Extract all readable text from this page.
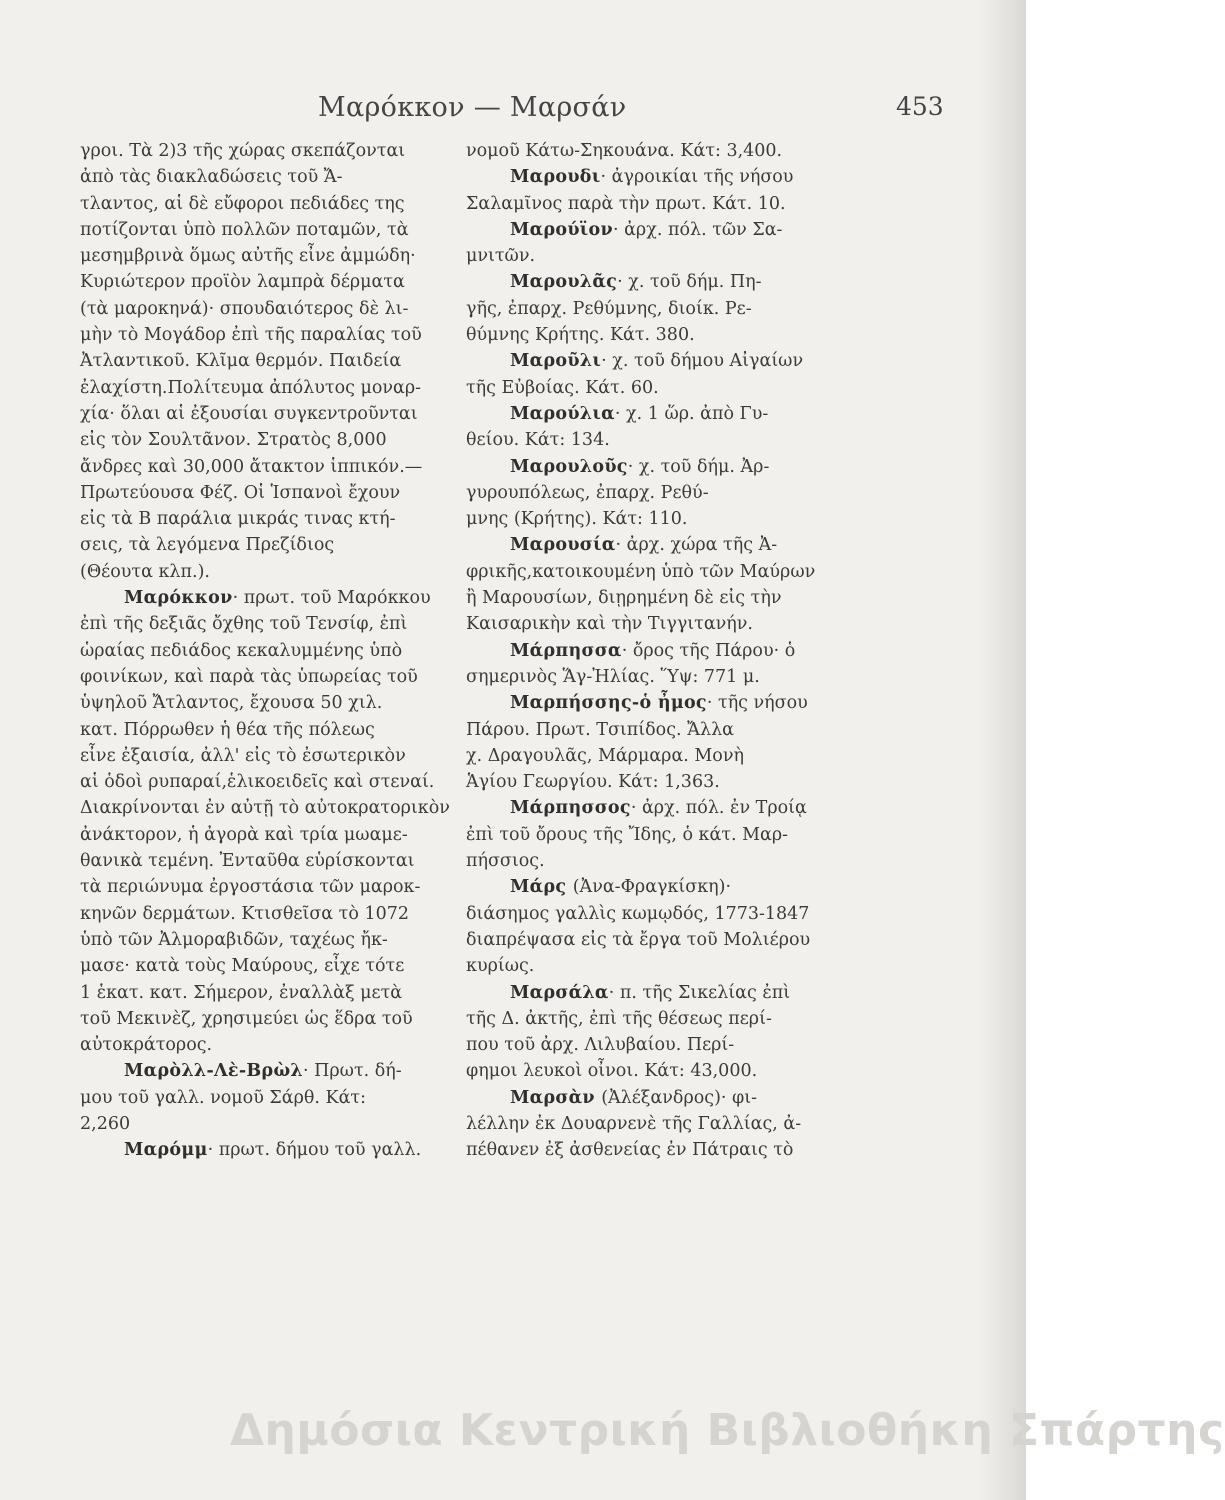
Μαρόκκον — Μαρσάν	453
γροι. Τὰ 2)3 τῆς χώρας σκεπάζονται
ἀπὸ τὰς διακλαδώσεις τοῦ Ἄ-
τλαντος, αἱ δὲ εὔφοροι πεδιάδες της
ποτίζονται ὑπὸ πολλῶν ποταμῶν, τὰ
μεσημβρινὰ ὅμως αὐτῆς εἶνε ἀμμώδη·
Κυριώτερον προϊὸν λαμπρὰ δέρματα
(τὰ μαροκηνά)· σπουδαιότερος δὲ λι-
μὴν τὸ Μογάδορ ἐπὶ τῆς παραλίας τοῦ
Ἀτλαντικοῦ. Κλῖμα θερμόν. Παιδεία
ἐλαχίστη.Πολίτευμα ἀπόλυτος μοναρ-
χία· ὅλαι αἱ ἐξουσίαι συγκεντροῦνται
εἰς τὸν Σουλτᾶνον. Στρατὸς 8,000
ἄνδρες καὶ 30,000 ἄτακτον ἱππικόν.—
Πρωτεύουσα Φέζ. Οἱ Ἱσπανοὶ ἔχουν
εἰς τὰ Β παράλια μικράς τινας κτή-
σεις, τὰ λεγόμενα Πρεζίδιος
(Θέουτα κλπ.).
Μαρόκκον· πρωτ. τοῦ Μαρόκκου
ἐπὶ τῆς δεξιᾶς ὄχθης τοῦ Τενσίφ, ἐπὶ
ὡραίας πεδιάδος κεκαλυμμένης ὑπὸ
φοινίκων, καὶ παρὰ τὰς ὑπωρείας τοῦ
ὑψηλοῦ Ἄτλαντος, ἔχουσα 50 χιλ.
κατ. Πόρρωθεν ἡ θέα τῆς πόλεως
εἶνε ἐξαισία, ἀλλ' εἰς τὸ ἐσωτερικὸν
αἱ ὁδοὶ ρυπαραί,ἑλικοειδεῖς καὶ στεναί.
Διακρίνονται ἐν αὐτῇ τὸ αὐτοκρατορικὸν
ἀνάκτορον, ἡ ἀγορὰ καὶ τρία μωαμε-
θανικὰ τεμένη. Ἐνταῦθα εὑρίσκονται
τὰ περιώνυμα ἐργοστάσια τῶν μαροκ-
κηνῶν δερμάτων. Κτισθεῖσα τὸ 1072
ὑπὸ τῶν Ἀλμοραβιδῶν, ταχέως ἤκ-
μασε· κατὰ τοὺς Μαύρους, εἶχε τότε
1 ἑκατ. κατ. Σήμερον, ἐναλλὰξ μετὰ
τοῦ Μεκινὲζ, χρησιμεύει ὡς ἕδρα τοῦ
αὐτοκράτορος.
Μαρὸλλ-Λὲ-Βρὼλ· Πρωτ. δή-
μου τοῦ γαλλ. νομοῦ Σάρθ. Κάτ:
2,260
Μαρόμμ· πρωτ. δήμου τοῦ γαλλ.
νομοῦ Κάτω-Σηκουάνα. Κάτ: 3,400.
Μαρουδι· ἀγροικίαι τῆς νήσου
Σαλαμῖνος παρὰ τὴν πρωτ. Κάτ. 10.
Μαρούϊον· ἀρχ. πόλ. τῶν Σα-
μνιτῶν.
Μαρουλᾶς· χ. τοῦ δήμ. Πη-
γῆς, ἐπαρχ. Ρεθύμνης, διοίκ. Ρε-
θύμνης Κρήτης. Κάτ. 380.
Μαροῦλι· χ. τοῦ δήμου Αἰγαίων
τῆς Εὐβοίας. Κάτ. 60.
Μαρούλια· χ. 1 ὥρ. ἀπὸ Γυ-
θείου. Κάτ: 134.
Μαρουλοῦς· χ. τοῦ δήμ. Ἀρ-
γυρουπόλεως, ἐπαρχ. Ρεθύ-
μνης (Κρήτης). Κάτ: 110.
Μαρουσία· ἀρχ. χώρα τῆς Ἀ-
φρικῆς,κατοικουμένη ὑπὸ τῶν Μαύρων
ἢ Μαρουσίων, διῃρημένη δὲ εἰς τὴν
Καισαρικὴν καὶ τὴν Τιγγιτανήν.
Μάρπησσα· ὄρος τῆς Πάρου· ὁ
σημερινὸς Ἅγ-Ἠλίας. Ὕψ: 771 μ.
Μαρπήσσης-ὁ ἦμος· τῆς νήσου
Πάρου. Πρωτ. Τσιπίδος. Ἄλλα
χ. Δραγουλᾶς, Μάρμαρα. Μονὴ
Ἁγίου Γεωργίου. Κάτ: 1,363.
Μάρπησσος· ἀρχ. πόλ. ἐν Τροίᾳ
ἐπὶ τοῦ ὄρους τῆς Ἴδης, ὁ κάτ. Μαρ-
πήσσιος.
Μάρς (Ἀνα-Φραγκίσκη)·
διάσημος γαλλὶς κωμῳδός, 1773-1847
διαπρέψασα εἰς τὰ ἔργα τοῦ Μολιέρου
κυρίως.
Μαρσάλα· π. τῆς Σικελίας ἐπὶ
τῆς Δ. ἀκτῆς, ἐπὶ τῆς θέσεως περί-
που τοῦ ἀρχ. Λιλυβαίου. Περί-
φημοι λευκοὶ οἶνοι. Κάτ: 43,000.
Μαρσὰν (Ἀλέξανδρος)· φι-
λέλλην ἐκ Δουαρνενὲ τῆς Γαλλίας, ἀ-
πέθανεν ἐξ ἀσθενείας ἐν Πάτραις τὸ
Δημόσια Κεντρική Βιβλιοθήκη Σπάρτης
